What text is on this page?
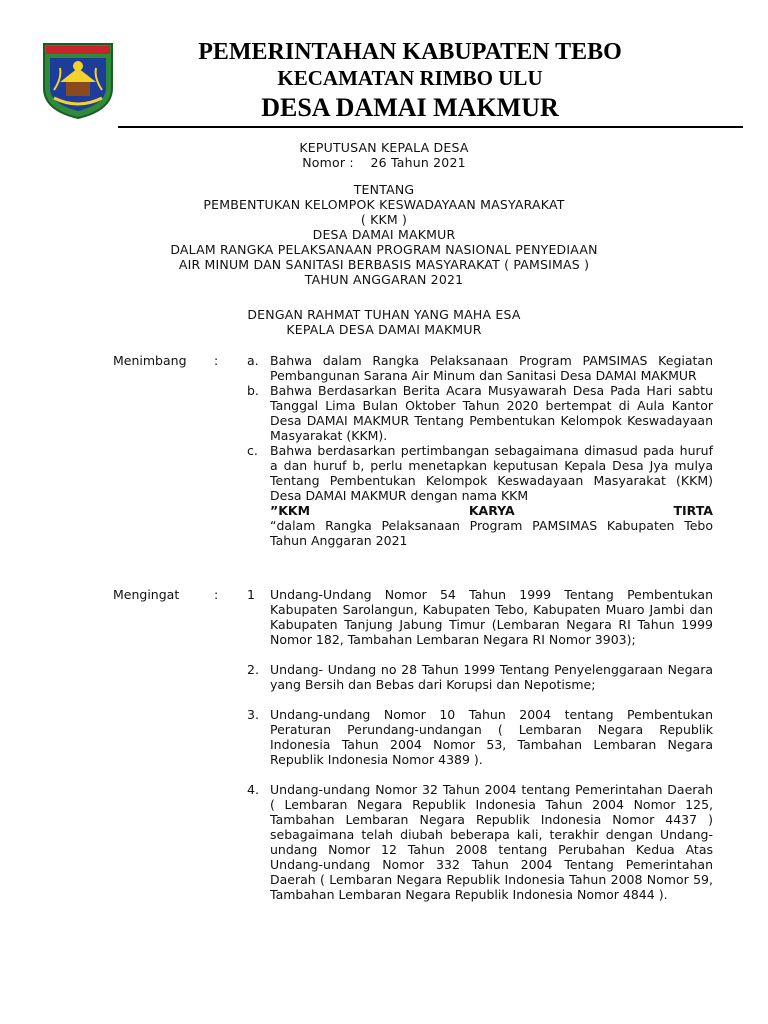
PEMERINTAHAN KABUPATEN TEBO
KECAMATAN RIMBO ULU
DESA DAMAI MAKMUR
KEPUTUSAN KEPALA DESA
Nomor :    26 Tahun 2021
TENTANG
PEMBENTUKAN KELOMPOK KESWADAYAAN MASYARAKAT
( KKM )
DESA DAMAI MAKMUR
DALAM RANGKA PELAKSANAAN PROGRAM NASIONAL PENYEDIAAN
AIR MINUM DAN SANITASI BERBASIS MASYARAKAT ( PAMSIMAS )
TAHUN ANGGARAN 2021
DENGAN RAHMAT TUHAN YANG MAHA ESA
KEPALA DESA DAMAI MAKMUR
Menimbang	: a. Bahwa dalam Rangka Pelaksanaan Program PAMSIMAS Kegiatan Pembangunan Sarana Air Minum dan Sanitasi Desa DAMAI MAKMUR
b. Bahwa Berdasarkan Berita Acara Musyawarah Desa Pada Hari sabtu Tanggal Lima Bulan Oktober Tahun 2020 bertempat di Aula Kantor Desa DAMAI MAKMUR Tentang Pembentukan Kelompok Keswadayaan Masyarakat (KKM).
c. Bahwa berdasarkan pertimbangan sebagaimana dimasud pada huruf a dan huruf b, perlu menetapkan keputusan Kepala Desa Jya mulya Tentang Pembentukan Kelompok Keswadayaan Masyarakat (KKM) Desa DAMAI MAKMUR dengan nama KKM
”KKM	KARYA	TIRTA
“dalam Rangka Pelaksanaan Program PAMSIMAS Kabupaten Tebo Tahun Anggaran 2021
Mengingat	: 1 Undang-Undang Nomor 54 Tahun 1999 Tentang Pembentukan Kabupaten Sarolangun, Kabupaten Tebo, Kabupaten Muaro Jambi dan Kabupaten Tanjung Jabung Timur (Lembaran Negara RI Tahun 1999 Nomor 182, Tambahan Lembaran Negara RI Nomor 3903);
2. Undang- Undang no 28 Tahun 1999 Tentang Penyelenggaraan Negara yang Bersih dan Bebas dari Korupsi dan Nepotisme;
3. Undang-undang Nomor 10 Tahun 2004 tentang Pembentukan Peraturan Perundang-undangan ( Lembaran Negara Republik Indonesia Tahun 2004 Nomor 53, Tambahan Lembaran Negara Republik Indonesia Nomor 4389 ).
4. Undang-undang Nomor 32 Tahun 2004 tentang Pemerintahan Daerah ( Lembaran Negara Republik Indonesia Tahun 2004 Nomor 125, Tambahan Lembaran Negara Republik Indonesia Nomor 4437 ) sebagaimana telah diubah beberapa kali, terakhir dengan Undang-undang Nomor 12 Tahun 2008 tentang Perubahan Kedua Atas Undang-undang Nomor 332 Tahun 2004 Tentang Pemerintahan Daerah ( Lembaran Negara Republik Indonesia Tahun 2008 Nomor 59, Tambahan Lembaran Negara Republik Indonesia Nomor 4844 ).
